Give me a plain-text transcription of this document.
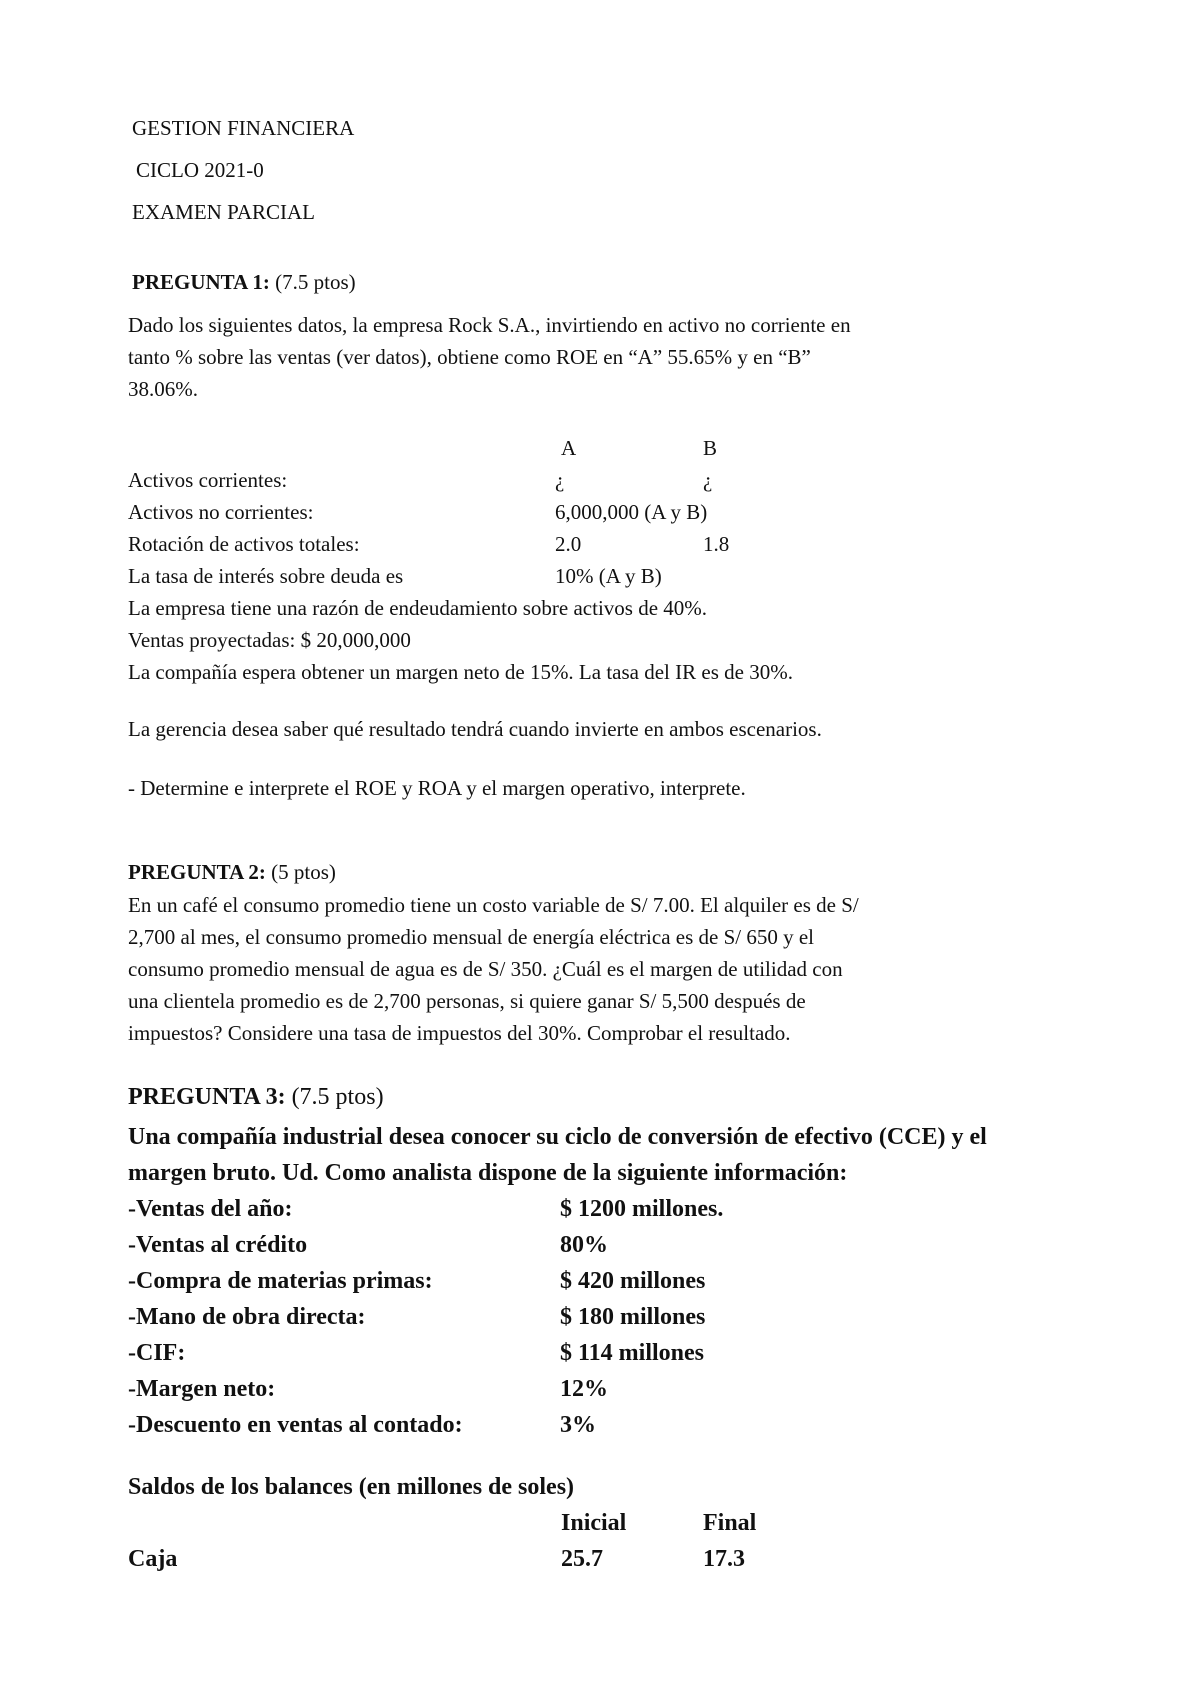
GESTION FINANCIERA
CICLO 2021-0
EXAMEN PARCIAL
PREGUNTA 1: (7.5 ptos)
Dado los siguientes datos, la empresa Rock S.A., invirtiendo en activo no corriente en
tanto % sobre las ventas (ver datos), obtiene como ROE en “A” 55.65% y en “B”
38.06%.
A	B
Activos corrientes:	¿	¿
Activos no corrientes:	6,000,000 (A y B)
Rotación de activos totales:	2.0	1.8
La tasa de interés sobre deuda es	10% (A y B)
La empresa tiene una razón de endeudamiento sobre activos de 40%.
Ventas proyectadas: $ 20,000,000
La compañía espera obtener un margen neto de 15%. La tasa del IR es de 30%.
La gerencia desea saber qué resultado tendrá cuando invierte en ambos escenarios.
- Determine e interprete el ROE y ROA y el margen operativo, interprete.
PREGUNTA 2: (5 ptos)
En un café el consumo promedio tiene un costo variable de S/ 7.00. El alquiler es de S/
2,700 al mes, el consumo promedio mensual de energía eléctrica es de S/ 650 y el
consumo promedio mensual de agua es de S/ 350. ¿Cuál es el margen de utilidad con
una clientela promedio es de 2,700 personas, si quiere ganar S/ 5,500 después de
impuestos? Considere una tasa de impuestos del 30%. Comprobar el resultado.
PREGUNTA 3: (7.5 ptos)
Una compañía industrial desea conocer su ciclo de conversión de efectivo (CCE) y el
margen bruto. Ud. Como analista dispone de la siguiente información:
-Ventas del año:	$ 1200 millones.
-Ventas al crédito	80%
-Compra de materias primas:	$ 420 millones
-Mano de obra directa:	$ 180 millones
-CIF:	$ 114 millones
-Margen neto:	12%
-Descuento en ventas al contado:	3%
Saldos de los balances (en millones de soles)
Inicial	Final
Caja	25.7	17.3
